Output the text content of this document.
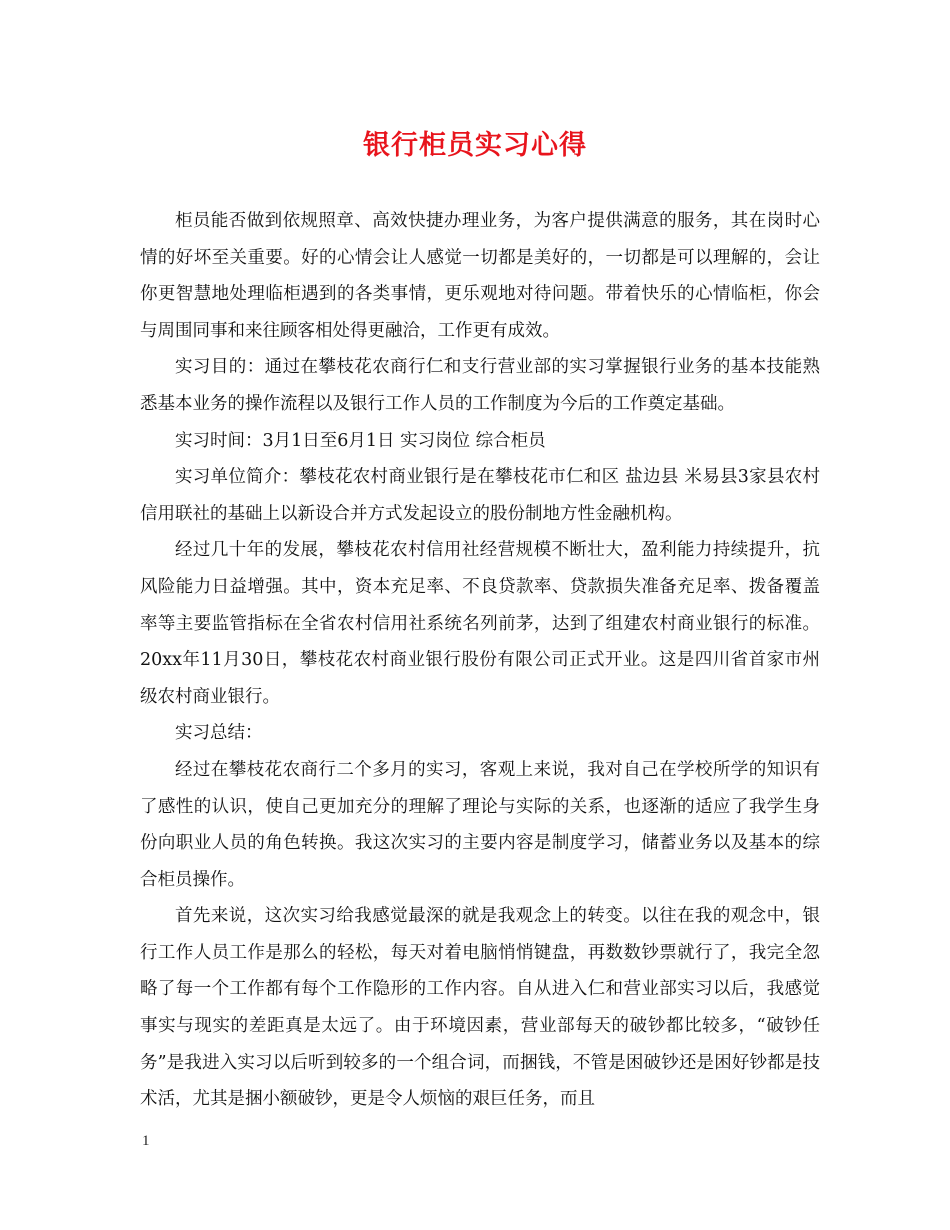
银行柜员实习心得

柜员能否做到依规照章、高效快捷办理业务，为客户提供满意的服务，其在岗时心情的好坏至关重要。好的心情会让人感觉一切都是美好的，一切都是可以理解的，会让你更智慧地处理临柜遇到的各类事情，更乐观地对待问题。带着快乐的心情临柜，你会与周围同事和来往顾客相处得更融洽，工作更有成效。

实习目的：通过在攀枝花农商行仁和支行营业部的实习掌握银行业务的基本技能熟悉基本业务的操作流程以及银行工作人员的工作制度为今后的工作奠定基础。

实习时间：3月1日至6月1日 实习岗位 综合柜员

实习单位简介：攀枝花农村商业银行是在攀枝花市仁和区 盐边县 米易县3家县农村信用联社的基础上以新设合并方式发起设立的股份制地方性金融机构。

经过几十年的发展，攀枝花农村信用社经营规模不断壮大，盈利能力持续提升，抗风险能力日益增强。其中，资本充足率、不良贷款率、贷款损失准备充足率、拨备覆盖率等主要监管指标在全省农村信用社系统名列前茅，达到了组建农村商业银行的标准。20xx年11月30日，攀枝花农村商业银行股份有限公司正式开业。这是四川省首家市州级农村商业银行。

实习总结：

经过在攀枝花农商行二个多月的实习，客观上来说，我对自己在学校所学的知识有了感性的认识，使自己更加充分的理解了理论与实际的关系，也逐渐的适应了我学生身份向职业人员的角色转换。我这次实习的主要内容是制度学习，储蓄业务以及基本的综合柜员操作。

首先来说，这次实习给我感觉最深的就是我观念上的转变。以往在我的观念中，银行工作人员工作是那么的轻松，每天对着电脑悄悄键盘，再数数钞票就行了，我完全忽略了每一个工作都有每个工作隐形的工作内容。自从进入仁和营业部实习以后，我感觉事实与现实的差距真是太远了。由于环境因素，营业部每天的破钞都比较多，“破钞任务”是我进入实习以后听到较多的一个组合词，而捆钱，不管是困破钞还是困好钞都是技术活，尤其是捆小额破钞，更是令人烦恼的艰巨任务，而且

1
